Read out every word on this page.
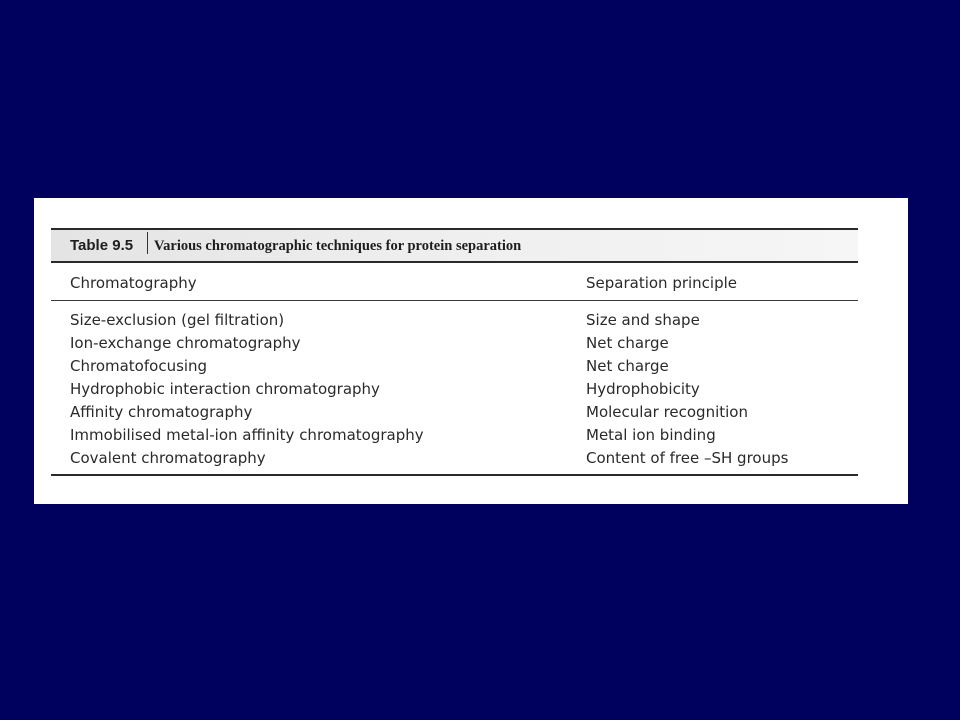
Table 9.5 Various chromatographic techniques for protein separation
Chromatography	Separation principle
Size-exclusion (gel filtration)	Size and shape
Ion-exchange chromatography	Net charge
Chromatofocusing	Net charge
Hydrophobic interaction chromatography	Hydrophobicity
Affinity chromatography	Molecular recognition
Immobilised metal-ion affinity chromatography	Metal ion binding
Covalent chromatography	Content of free –SH groups
